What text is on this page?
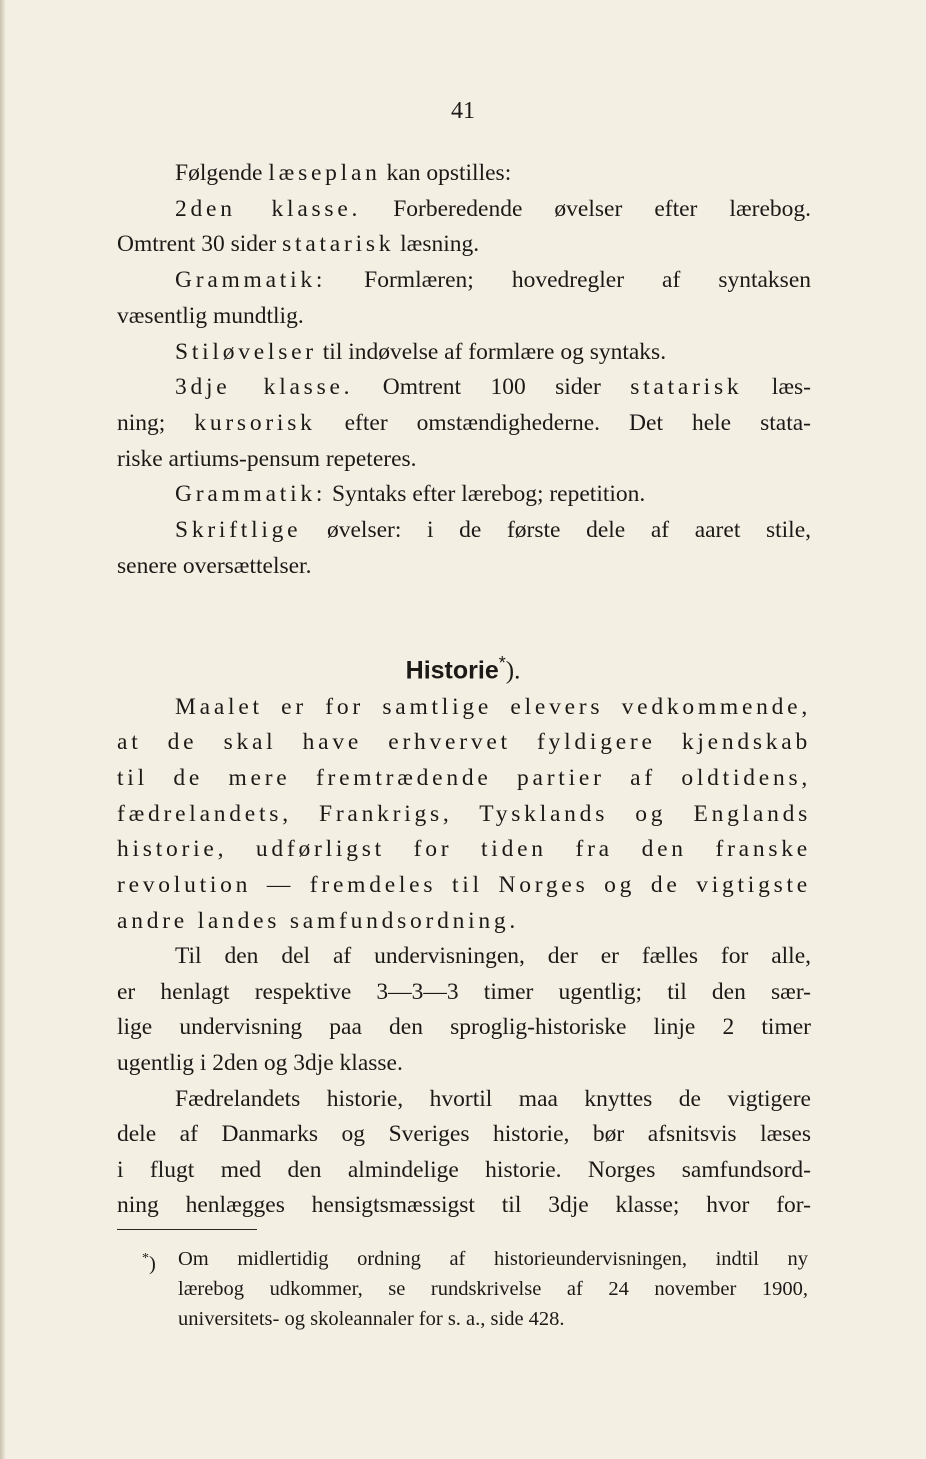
41
Følgende læseplan kan opstilles:
2den klasse. Forberedende øvelser efter lærebog.
Omtrent 30 sider statarisk læsning.
Grammatik: Formlæren; hovedregler af syntaksen
væsentlig mundtlig.
Stiløvelser til indøvelse af formlære og syntaks.
3dje klasse. Omtrent 100 sider statarisk læs-
ning; kursorisk efter omstændighederne. Det hele stata-
riske artiums-pensum repeteres.
Grammatik: Syntaks efter lærebog; repetition.
Skriftlige øvelser: i de første dele af aaret stile,
senere oversættelser.
Maalet er for samtlige elevers vedkommende,
at de skal have erhvervet fyldigere kjendskab
til de mere fremtrædende partier af oldtidens,
fædrelandets, Frankrigs, Tysklands og Englands
historie, udførligst for tiden fra den franske
revolution — fremdeles til Norges og de vigtigste
andre landes samfundsordning.
Til den del af undervisningen, der er fælles for alle,
er henlagt respektive 3—3—3 timer ugentlig; til den sær-
lige undervisning paa den sproglig-historiske linje 2 timer
ugentlig i 2den og 3dje klasse.
Fædrelandets historie, hvortil maa knyttes de vigtigere
dele af Danmarks og Sveriges historie, bør afsnitsvis læses
i flugt med den almindelige historie. Norges samfundsord-
ning henlægges hensigtsmæssigst til 3dje klasse; hvor for-
Historie*).
*) Om midlertidig ordning af historieundervisningen, indtil ny
lærebog udkommer, se rundskrivelse af 24 november 1900,
universitets- og skoleannaler for s. a., side 428.
